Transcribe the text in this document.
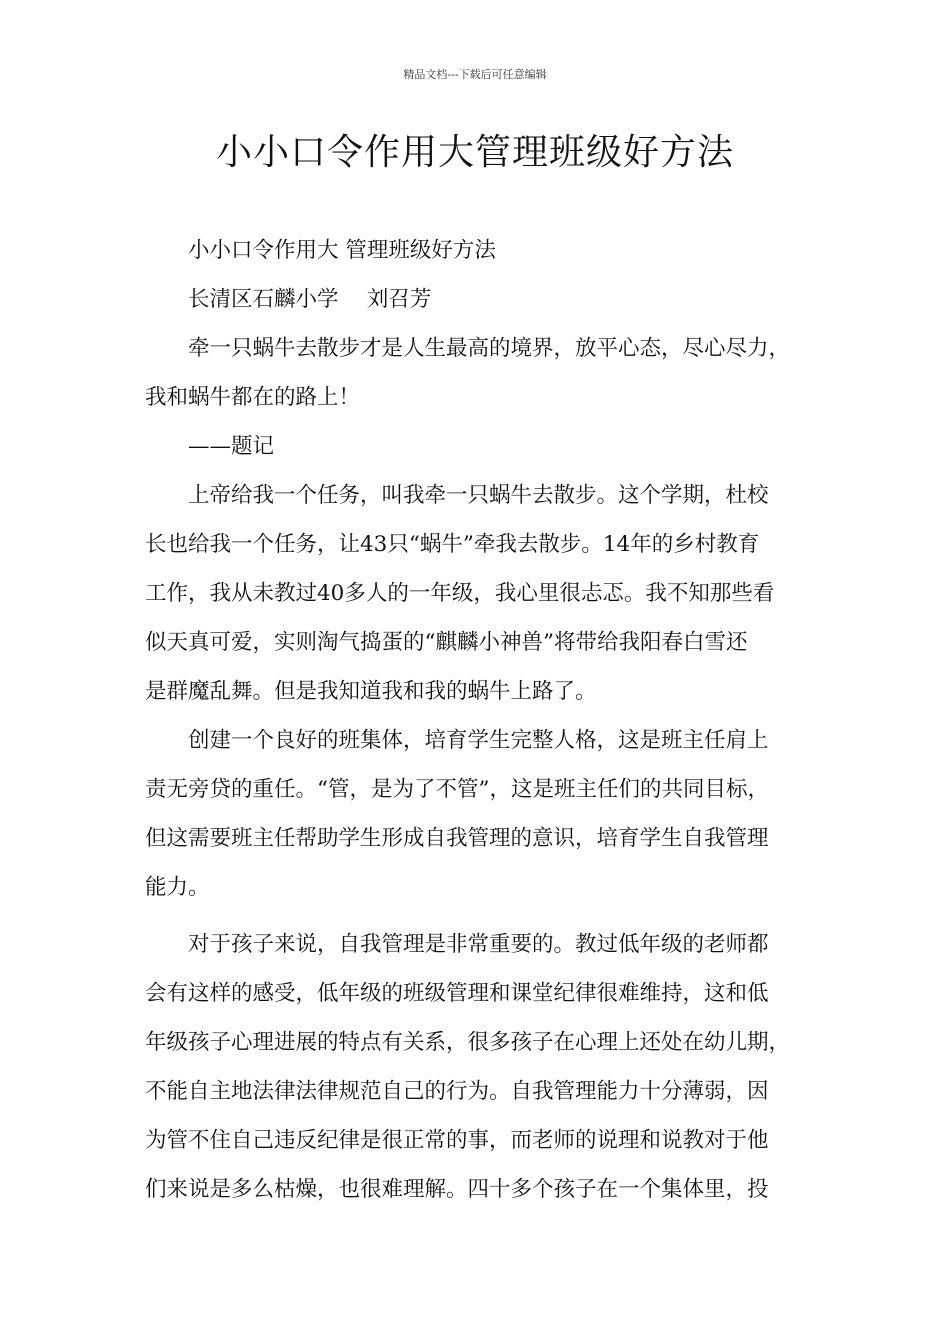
精品文档---下载后可任意编辑
小小口令作用大管理班级好方法

小小口令作用大 管理班级好方法

长清区石麟小学　 刘召芳

牵一只蜗牛去散步才是人生最高的境界，放平心态，尽心尽力，
我和蜗牛都在的路上！

——题记

上帝给我一个任务，叫我牵一只蜗牛去散步。这个学期，杜校
长也给我一个任务，让43只“蜗牛”牵我去散步。14年的乡村教育
工作，我从未教过40多人的一年级，我心里很忐忑。我不知那些看
似天真可爱，实则淘气捣蛋的“麒麟小神兽”将带给我阳春白雪还
是群魔乱舞。但是我知道我和我的蜗牛上路了。

创建一个良好的班集体，培育学生完整人格，这是班主任肩上
责无旁贷的重任。“管，是为了不管”，这是班主任们的共同目标，
但这需要班主任帮助学生形成自我管理的意识，培育学生自我管理
能力。

对于孩子来说，自我管理是非常重要的。教过低年级的老师都
会有这样的感受，低年级的班级管理和课堂纪律很难维持，这和低
年级孩子心理进展的特点有关系，很多孩子在心理上还处在幼儿期，
不能自主地法律法律规范自己的行为。自我管理能力十分薄弱，因
为管不住自己违反纪律是很正常的事，而老师的说理和说教对于他
们来说是多么枯燥，也很难理解。四十多个孩子在一个集体里，投
